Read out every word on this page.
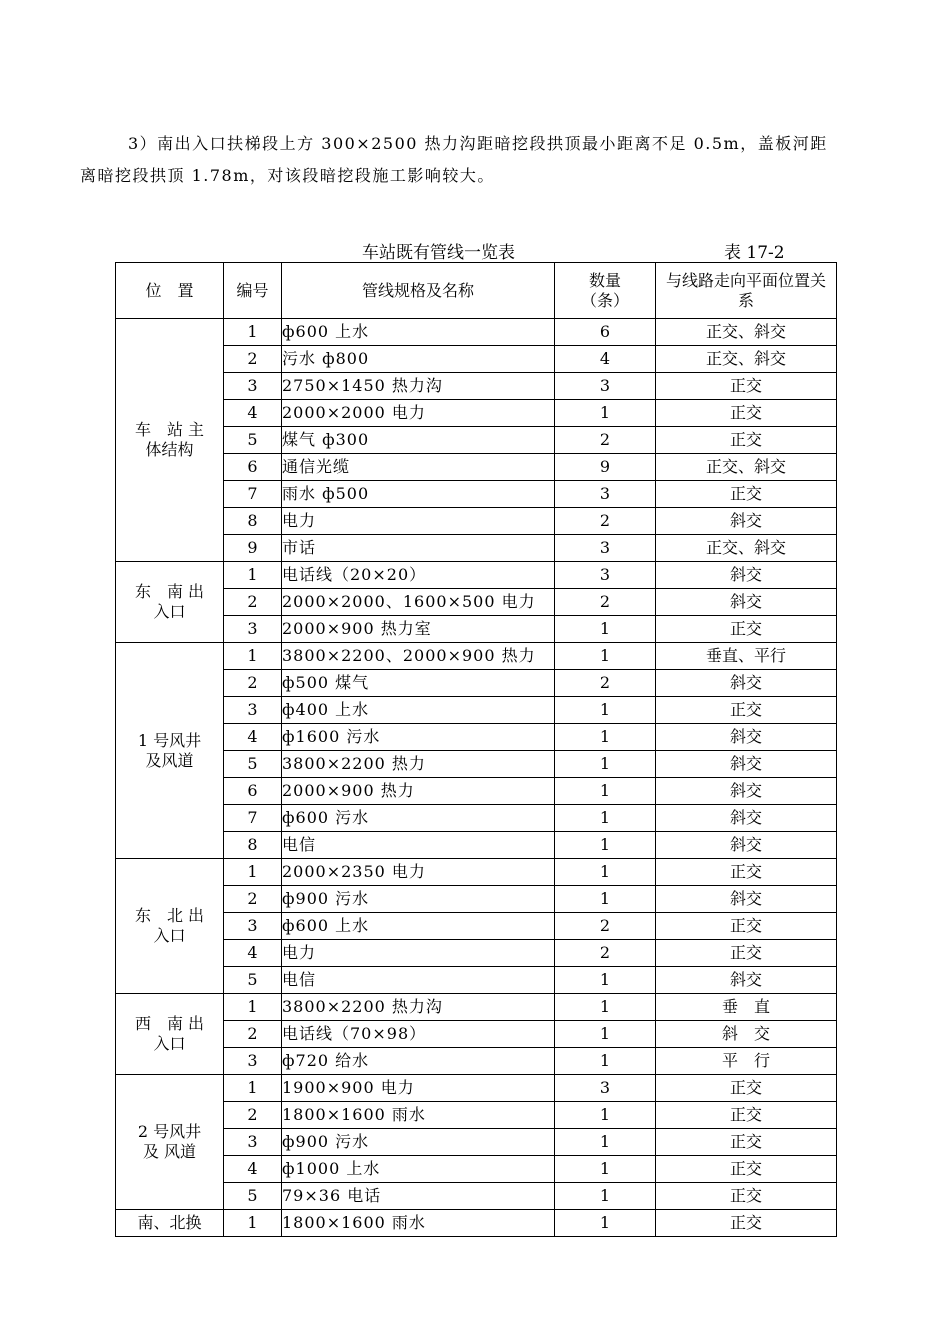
3）南出入口扶梯段上方 300×2500 热力沟距暗挖段拱顶最小距离不足 0.5m，盖板河距

离暗挖段拱顶 1.78m，对该段暗挖段施工影响较大。

车站既有管线一览表	表 17-2
位　置	编号	管线规格及名称	数量（条）	与线路走向平面位置关系
车　站 主体结构	1	ф600 上水	6	正交、斜交
	2	污水 ф800	4	正交、斜交
	3	2750×1450 热力沟	3	正交
	4	2000×2000 电力	1	正交
	5	煤气 ф300	2	正交
	6	通信光缆	9	正交、斜交
	7	雨水 ф500	3	正交
	8	电力	2	斜交
	9	市话	3	正交、斜交
东　南 出入口	1	电话线（20×20）	3	斜交
	2	2000×2000、1600×500 电力	2	斜交
	3	2000×900 热力室	1	正交
1 号风井 及风道	1	3800×2200、2000×900 热力	1	垂直、平行
	2	ф500 煤气	2	斜交
	3	ф400 上水	1	正交
	4	ф1600 污水	1	斜交
	5	3800×2200 热力	1	斜交
	6	2000×900 热力	1	斜交
	7	ф600 污水	1	斜交
	8	电信	1	斜交
东　北 出入口	1	2000×2350 电力	1	正交
	2	ф900 污水	1	斜交
	3	ф600 上水	2	正交
	4	电力	2	正交
	5	电信	1	斜交
西　南 出入口	1	3800×2200 热力沟	1	垂　直
	2	电话线（70×98）	1	斜　交
	3	ф720 给水	1	平　行
2 号风井及 风道	1	1900×900 电力	3	正交
	2	1800×1600 雨水	1	正交
	3	ф900 污水	1	正交
	4	ф1000 上水	1	正交
	5	79×36 电话	1	正交
南、北换	1	1800×1600 雨水	1	正交
